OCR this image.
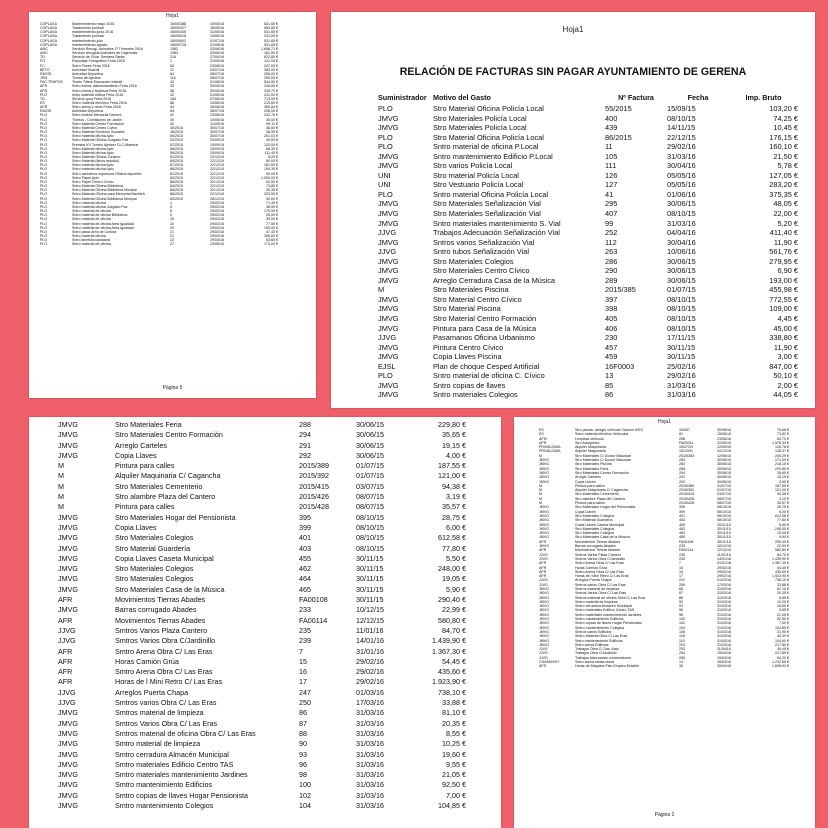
Hoja1
COPLASA	Mantenimiento mayo 2016	16000388	10/05/16	531,65 €
COPLASA	Tratamiento puntual	16000427	18/05/16	580,80 €
COPLASA	mantenimiento junio 2016	16000436	31/05/16	531,65 €
COPLASA	Tratamiento puntual	16000518	10/06/16	241,00 €
COPLASA	mantenimiento julio	16000602	01/07/16	531,65 €
COPLASA	mantenimiento agosto	16000725	01/08/16	531,65 €
AMC	Servicio Recogi. Animales 1º Trimestre 2016	1982	03/06/16	1.658,71 €
AMC	Servicio recogida Animales de Urgencias	1983	03/06/16	181,50 €
TD	Servicio de Grúa. Semana Santa	216	27/04/16	822,80 €
FO	Reportaje Fotográfico Feria 2015	1	21/05/16	121,00 €
FC	Sntro Flores Feria 2016	63	23/06/16	247,05 €
BETO	Actividad Guardil	12	03/07/16	363,00 €
RAGIS	Actividad Deportiva	64	08/07/16	206,00 €
JPM	Tornes de Ajedrez	116	08/07/16	250,00 €
FAC.TRAPOS	Teatro Tiitere Educación Infantil	43	01/08/16	544,50 €
AFR	Sntro Arena, adecentamiento Feria 2016	33	30/05/16	316,60 €
AFR	Sntro Arena y limpieza Feria 2016	36	30/05/16	326,70 €
PLO	sntro material oficina Feria 2016	32	01/06/16	241,00 €
TD	Servicio grúa Feria 2016	164	07/06/16	713,90 €
ES	Sntro material eléctrico Feria 2016	86	10/06/16	210,83 €
AFR	Sntro arena y otros Feria 2016	34	30/06/16	360,84 €
RAGIS	Actividad Deportiva	64	08/07/16	206,00 €
PLO	Sntro trofeos Memorial Derrent	42	23/06/16	242,76 €
PLO	Trofeos - Comisiones de Jardín	30	10/05/16	30,00 €
PLO	Sntro Material Centro Formación	40	31/05/16	99,11 €
PLO	Sntro Material Centro Cívico	40/2015	30/07/15	36,50 €
PLO	Sntro Material Servicios Sociales	48/2015	30/07/15	36,50 €
PLO	Sntro material oficina Ayto	50/2015	30/07/15	201,03 €
PLO	Sntro Material Oficina Juzgado Paz	52/2015	20/09/15	40,60 €
PLO	Premios XV Torneo Ajedrez CLC-Material	57/2015	15/09/15	120,00 €
PLO	Sntro Material oficina Ayto	58/2015	15/09/15	88,30 €
PLO	Sntro Material oficina Ayto	59/2015	20/09/15	111,40 €
PLO	Sntro Material Oficina Turismo	61/2015	22/12/15	5,20 €
PLO	Sntro Material (libros estudio)	65/2015	22/12/15	60,00 €
PLO	Sntro material oficina Ayto	67/2015	22/12/15	161,00 €
PLO	Sntro material oficina Ayto	68/2015	22/12/15	154,30 €
PLO	Sntro cartuchos impresora Oficina deportes	81/2015	22/12/15	90,00 €
PLO	Sntro Papel Ayto	83/2015	22/12/15	1.000,00 €
PLO	Sntro Papel Centro Cívico	88/2015	22/12/15	52,50 €
PLO	Sntro Material Oficina Biblioteca	84/2015	22/12/15	73,80 €
PLO	Sntro Material Oficina Biblioteca Munipal	85/2015	22/12/15	30,35 €
PLO	Sntro Material Oficina para Memorial Navideñ	86/2015	22/12/15	323,50 €
PLO	Sntro Material Oficina Biblioteca Munipal	83/2015	28/12/15	90,00 €
PLO	Sntro material oficina	1	29/02/16	71,40 €
PLO	Sntro material oficina Juzgado Paz	5	29/02/16	48,90 €
PLO	Sntro material de oficina	8	29/02/16	175,90 €
PLO	Sntro material de oficina Biblioteca	9	29/02/16	25,00 €
PLO	Sntro material de oficina	20	29/02/16	39,00 €
PLO	Sntro material de oficina Area Igualdad	20	29/02/16	77,55 €
PLO	Sntro material de oficina Area Igualdad	20	29/02/16	150,00 €
PLO	Sntro placa Area de Cultura	21	29/02/16	47,40 €
PLO	Sntro material oficina	21	29/04/16	306,60 €
PLO	Sntro kinefotocopiadora	22	29/04/16	63,65 €
PLO	Sntro material de oficina	27	23/05/16	173,00 €
Página 5
Hoja1
RELACIÓN DE FACTURAS SIN PAGAR AYUNTAMIENTO DE GERENA
Suministrador	Motivo del Gasto	Nº Factura	Fecha	Imp. Bruto
PLO	Stro Material Oficina Policía Local	55/2015	15/09/15	103,20 €
JMVG	Stro Materiales Policía Local	400	08/10/15	74,25 €
JMVG	Stro Materiales Policía Local	439	14/11/15	10,45 €
PLO	Stro Material Oficina Policía Local	86/2015	22/12/15	176,15 €
PLO	Sntro material de oficina P.Local	11	29/02/16	160,10 €
JMVG	Sntro mantenimiento Edificio P.Local	105	31/03/16	21,50 €
JMVG	Stro varios Policía Local	111	30/04/16	5,78 €
UNI	Stro material Policía Local	126	05/05/16	127,05 €
UNI	Stro Vestuario Policía Local	127	05/05/16	283,20 €
PLO	Sntro material Oficina Policía Local	41	01/06/16	375,35 €
JMVG	Stro Materiales Señalización Vial	295	30/06/15	48,05 €
JMVG	Stro Materiales Señalización Vial	407	08/10/15	22,00 €
JMVG	Sntro materiales mantenimiento S. Vial	99	31/03/16	5,20 €
JJVG	Trabajos Adecuación Señalización Vial	252	04/04/16	411,40 €
JMVG	Sntros varios Señalización Vial	112	30/04/16	11,90 €
JJVG	Sntro tubos Señalización Vial	263	10/06/16	561,76 €
JMVG	Stro Materiales Colegios	286	30/06/15	279,95 €
JMVG	Stro Materiales Centro Cívico	290	30/06/15	6,90 €
JMVG	Arreglo Cerradura Casa de la Música	289	30/06/15	193,00 €
M	Stro Materiales Piscina	2015/385	01/07/15	455,98 €
JMVG	Stro Material Centro Cívico	397	08/10/15	772,55 €
JMVG	Stro Material Piscina	398	08/10/15	109,00 €
JMVG	Stro Material Centro Formación	405	08/10/15	4,45 €
JMVG	Pintura para Casa de la Música	406	08/10/15	45,00 €
JJVG	Pasamanos Oficina Urbanismo	230	17/11/15	338,80 €
JMVG	Pintura Centro Cívico	457	30/11/15	11,90 €
JMVG	Copia Llaves Piscina	459	30/11/15	3,00 €
EJSL	Plan de choque Cesped Artificial	16F0003	25/02/16	847,00 €
PLO	Sntro material de oficina C. Cívico	13	29/02/16	50,10 €
JMVG	Sntro copias de llaves	85	31/03/16	2,00 €
JMVG	Sntro materiales Colegios	86	31/03/16	44,05 €
JMVG	Stro Materiales Feria	288	30/06/15	229,80 €
JMVG	Stro Materiales Centro Formación	294	30/06/15	35,65 €
JMVG	Arreglo Carteles	291	30/06/15	19,15 €
JMVG	Copia Llaves	292	30/06/15	4,00 €
M	Pintura para calles	2015/389	01/07/15	187,55 €
M	Alquiler Maquinaria C/ Cagancha	2015/392	01/07/15	121,00 €
M	Stro Materiales Cementerio	2015/415	03/07/15	94,38 €
M	Stro alambre Plaza del Cantero	2015/426	08/07/15	3,19 €
M	Pintura para calles	2015/428	08/07/15	35,57 €
JMVG	Stro Materiales Hogar del Pensionista	395	08/10/15	28,75 €
JMVG	Copia Llaves	399	08/10/15	6,00 €
JMVG	Stro Materiales Colegios	401	08/10/15	612,58 €
JMVG	Stro Material Guardería	403	08/10/15	77,80 €
JMVG	Copia Llaves Caseta Municipal	455	30/11/15	5,50 €
JMVG	Stro Materiales Colegios	462	30/11/15	248,00 €
JMVG	Stro Materiales Colegios	464	30/11/15	19,05 €
JMVG	Stro Materiales Casa de la Música	465	30/11/15	5,90 €
AFR	Movimientos Tierras Abades	FA00108	30/11/15	290,40 €
JMVG	Barras corrugado Abades	233	10/12/15	22,99 €
AFR	Movimientos Tierras Abades	FA00114	12/12/15	580,80 €
JJVG	Smtros Varios Plaza Cantero	235	11/01/16	84,70 €
JJVG	Smtros Varios Obra C/Jardinillo	239	14/01/16	1.439,90 €
AFR	Smtro Arena Obra C/ Las Eras	7	31/01/16	1.367,30 €
AFR	Horas Camión Grúa	15	29/02/16	54,45 €
AFR	Smtro Arena Obra C/ Las Eras	16	29/02/16	435,60 €
AFR	Horas de l Mini Retro C/ Las Eras	17	29/02/16	1.923,90 €
JJVG	Arreglos Puerta Chapa	247	01/03/16	738,10 €
JJVG	Smtros varios Obra C/ Las Eras	250	17/03/16	33,88 €
JMVG	Smtros material de limpieza	86	31/03/16	81,10 €
JMVG	Smtros Varios Obra C/ Las Eras	87	31/03/16	20,35 €
JMVG	Smtros material de oficina Obra C/ Las Eras	88	31/03/16	8,55 €
JMVG	Smtro material de limpieza	90	31/03/16	10,25 €
JMVG	Smtro cerradura Almacén Municipal	93	31/03/16	19,60 €
JMVG	Smtro materiales Edificio Centro TAS	96	31/03/16	9,55 €
JMVG	Smtro materiales mantenimiento Jardines	98	31/03/16	21,05 €
JMVG	Smtro mantenimiento Edificios	100	31/03/16	92,50 €
JMVG	Smtro copias de llaves Hogar Pensionista	102	31/03/16	7,00 €
JMVG	Smtro mantenimiento Colegios	104	31/03/16	104,85 €
Hoja1
ES	Stro piezas, arreglo vehículo Camión IVEC	16/067	30/06/16	70,66 €
ES	Sntro material eléctrico Vehículos	81	15/06/16	73,82 €
AFM	Limpieza vehículo	258	23/06/16	64,70 €
AFR	Stro Adoquines	FA00041	31/05/15	1.578,33 €
PRIVALDIMA	Alquiler Maquinaria	15/07/29	12/05/15	126,76 €
PRIVALDIMA	Alquiler Maquinaria	15/12/91	31/12/15	126,47 €
M	Stro Materiales C/ Doctor Mauchan	2015/383	12/06/15	245,29 €
JMVG	Stro Materiales C/ Doctor Mauchan	283	30/06/15	171,09 €
JMVG	Stro Materiales Piscina	284	30/06/15	216,10 €
JMVG	Stro Materiales Feria	288	30/06/15	229,80 €
JMVG	Stro Materiales Centro Formación	294	30/06/15	35,65 €
JMVG	Arreglo Carteles	291	30/06/15	19,15 €
JMVG	Copia Llaves	292	30/06/15	4,00 €
M	Pintura para calles	2015/389	01/07/15	187,55 €
M	Alquiler Maquinaria C/ Cagancha	2015/392	01/07/15	121,00 €
M	Stro Materiales Cementerio	2015/415	03/07/15	94,38 €
M	Stro alambre Plaza del Cantero	2015/426	08/07/15	3,19 €
M	Pintura para calles	2015/428	08/07/15	35,57 €
JMVG	Stro Materiales Hogar del Pensionista	395	08/10/15	28,75 €
JMVG	Copia Llaves	399	08/10/15	6,00 €
JMVG	Stro Materiales Colegios	401	08/10/15	612,58 €
JMVG	Stro Material Guardería	403	08/10/15	77,80 €
JMVG	Copia Llaves Caseta Municipal	455	30/11/15	5,50 €
JMVG	Stro Materiales Colegios	462	30/11/15	248,00 €
JMVG	Stro Materiales Colegios	464	30/11/15	19,05 €
JMVG	Stro Materiales Casa de la Música	465	30/11/15	5,90 €
AFR	Movimientos Tierras Abades	FA00108	30/11/15	290,40 €
JMVG	Barras corrugado Abades	233	10/12/15	22,99 €
AFR	Movimientos Tierras Abades	FA00114	12/12/15	580,80 €
JJVG	Smtros Varios Plaza Cantero	235	11/01/16	84,70 €
JJVG	Smtros Varios Obra C/Jardinillo	239	14/01/16	1.439,90 €
AFR	Smtro Arena Obra C/ Las Eras	7	31/01/16	1.367,30 €
AFR	Horas Camión Grúa	15	29/02/16	54,45 €
AFR	Smtro Arena Obra C/ Las Eras	16	29/02/16	435,60 €
AFR	Horas de l Mini Retro C/ Las Eras	17	29/02/16	1.923,90 €
JJVG	Arreglos Puerta Chapa	247	01/03/16	738,10 €
JJVG	Smtros varios Obra C/ Las Eras	250	17/03/16	33,88 €
JMVG	Smtros material de limpieza	86	31/03/16	81,10 €
JMVG	Smtros Varios Obra C/ Las Eras	87	31/03/16	20,35 €
JMVG	Smtros material de oficina Obra C/ Las Eras	88	31/03/16	8,55 €
JMVG	Smtro material de limpieza	90	31/03/16	10,25 €
JMVG	Smtro cerradura Almacén Municipal	93	31/03/16	19,60 €
JMVG	Smtro materiales Edificio Centro TAS	96	31/03/16	9,55 €
JMVG	Smtro materiales mantenimiento Jardines	98	31/03/16	21,05 €
JMVG	Smtro mantenimiento Edificios	100	31/03/16	92,50 €
JMVG	Smtro copias de llaves Hogar Pensionista	102	31/03/16	7,00 €
JMVG	Smtro mantenimiento Colegios	104	31/03/16	104,85 €
JMVG	Smtros varios Edificios	106	31/03/16	31,90 €
JMVG	Smtro Material Obra C/ Las Eras	109	31/03/16	45,30 €
JMVG	Sntro mantenimiento Edificios	110	31/03/16	104,60 €
JMVG	Sntro varios Edificios	203	31/03/16	217,80 €
JJVG	Trabajos Obra C/ San Juan	253	11/04/16	45,45 €
JJVG	Trabajos Obra C/Jardinillo	254	15/04/16	217,80 €
JJVG	Trabajos Adecuación contenedores	255	15/04/16	54,22 €
CHAMUSKY	Sntro arena varias obras	14	30/04/16	1.232,65 €
AFR	Horas de Máquina Plan Empleo Estable	30	30/04/16	1.698,93 €
Página 2
